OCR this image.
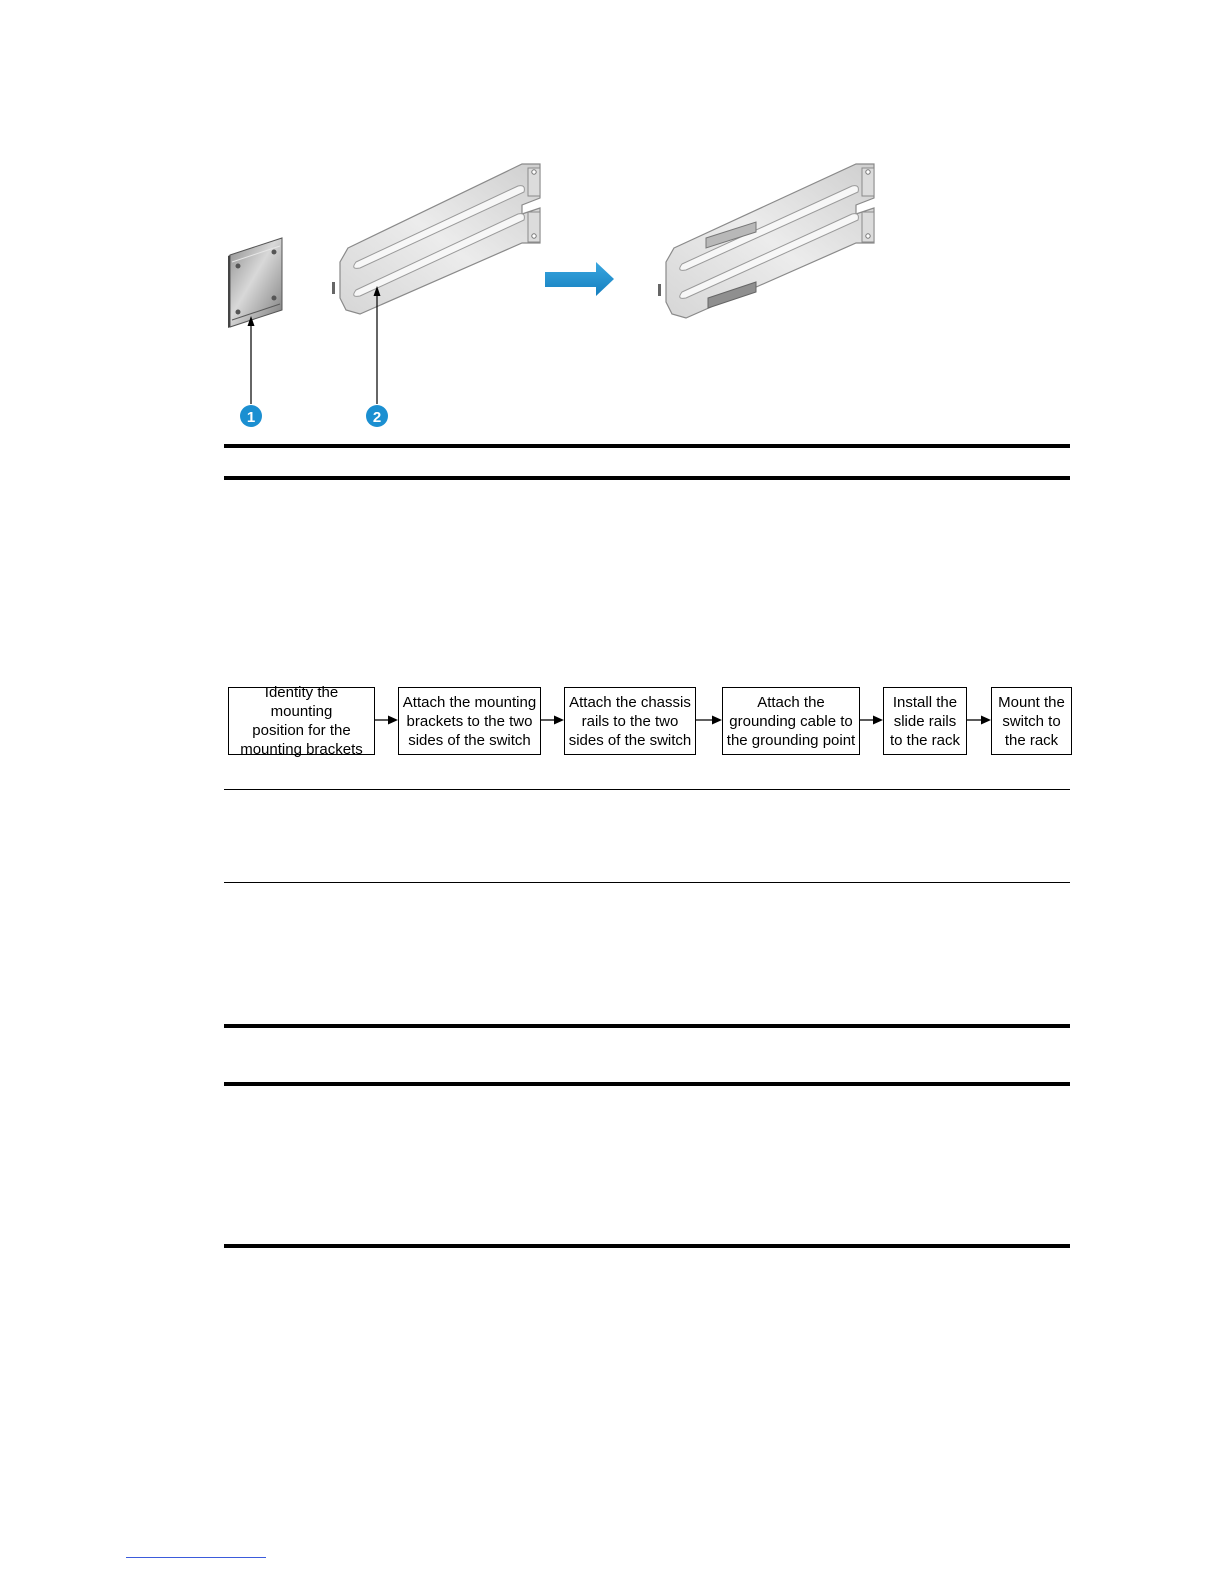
1	2
Identity the mounting
position for the
mounting brackets
Attach the mounting
brackets to the two
sides of the switch
Attach the chassis
rails to the two
sides of the switch
Attach the
grounding cable to
the grounding point
Install the
slide rails
to the rack
Mount the
switch to
the rack
